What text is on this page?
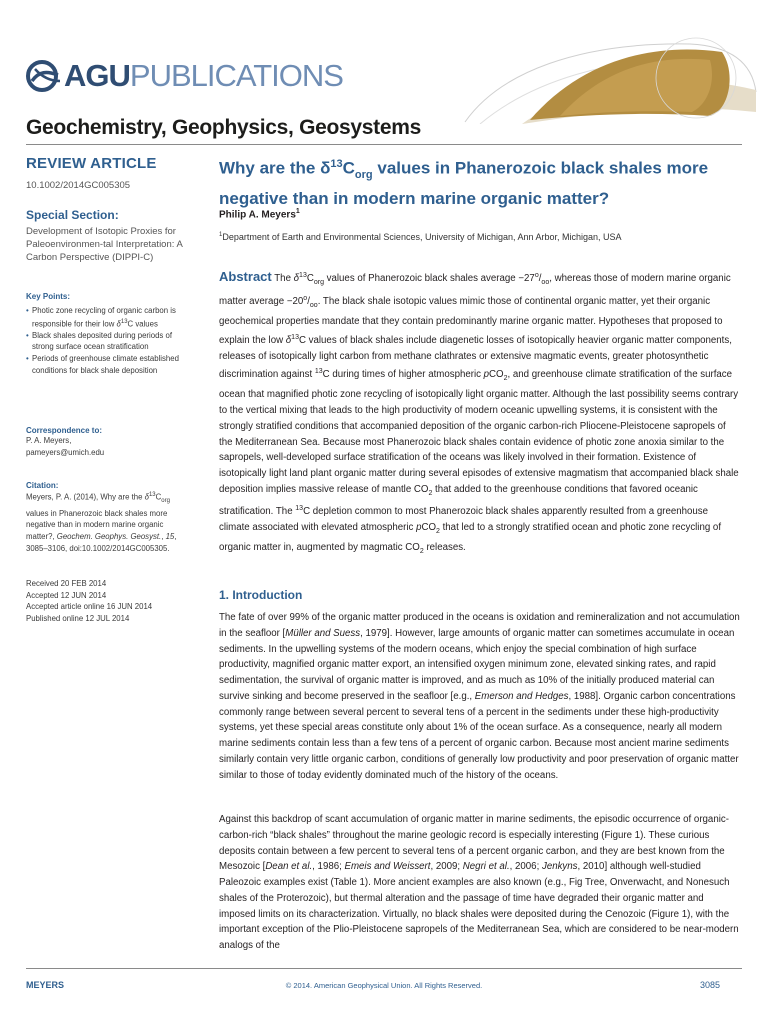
AGU PUBLICATIONS
Geochemistry, Geophysics, Geosystems
REVIEW ARTICLE
10.1002/2014GC005305
Special Section:
Development of Isotopic Proxies for Paleoenvironmen-tal Interpretation: A Carbon Perspective (DIPPI-C)
Key Points:
• Photic zone recycling of organic carbon is responsible for their low $\delta^{13}C$ values
• Black shales deposited during periods of strong surface ocean stratification
• Periods of greenhouse climate established conditions for black shale deposition
Correspondence to:
P. A. Meyers,
pameyers@umich.edu
Citation:
Meyers, P. A. (2014), Why are the $\delta^{13}C_{org}$ values in Phanerozoic black shales more negative than in modern marine organic matter?, Geochem. Geophys. Geosyst., 15, 3085–3106, doi:10.1002/2014GC005305.
Received 20 FEB 2014
Accepted 12 JUN 2014
Accepted article online 16 JUN 2014
Published online 12 JUL 2014
Why are the $\delta^{13}C_{org}$ values in Phanerozoic black shales more negative than in modern marine organic matter?
Philip A. Meyers$^1$
$^1$Department of Earth and Environmental Sciences, University of Michigan, Ann Arbor, Michigan, USA

Abstract The $\delta^{13}C_{org}$ values of Phanerozoic black shales average $-27^o/_{oo}$, whereas those of modern marine organic matter average $-20^o/_{oo}$. The black shale isotopic values mimic those of continental organic matter, yet their organic geochemical properties mandate that they contain predominantly marine organic matter. Hypotheses that proposed to explain the low $\delta^{13}C$ values of black shales include diagenetic losses of isotopically heavier organic matter components, releases of isotopically light carbon from methane clathrates or extensive magmatic events, greater photosynthetic discrimination against $^{13}$C during times of higher atmospheric pCO$_2$, and greenhouse climate stratification of the surface ocean that magnified photic zone recycling of isotopically light organic matter. Although the last possibility seems contrary to the vertical mixing that leads to the high productivity of modern oceanic upwelling systems, it is consistent with the strongly stratified conditions that accompanied deposition of the organic carbon-rich Pliocene-Pleistocene sapropels of the Mediterranean Sea. Because most Phanerozoic black shales contain evidence of photic zone anoxia similar to the sapropels, well-developed surface stratification of the oceans was likely involved in their formation. Existence of isotopically light land plant organic matter during several episodes of extensive magmatism that accompanied black shale deposition implies massive release of mantle $CO_2$ that added to the greenhouse conditions that favored oceanic stratification. The $^{13}$C depletion common to most Phanerozoic black shales apparently resulted from a greenhouse climate associated with elevated atmospheric pCO$_2$ that led to a strongly stratified ocean and photic zone recycling of organic matter in, augmented by magmatic $CO_2$ releases.

1. Introduction

The fate of over 99% of the organic matter produced in the oceans is oxidation and remineralization and not accumulation in the seafloor [Müller and Suess, 1979]. However, large amounts of organic matter can sometimes accumulate in ocean sediments. In the upwelling systems of the modern oceans, which enjoy the special combination of high surface productivity, magnified organic matter export, an intensified oxygen minimum zone, elevated sinking rates, and rapid sedimentation, the survival of organic matter is improved, and as much as 10% of the initially produced material can survive sinking and become preserved in the seafloor [e.g., Emerson and Hedges, 1988]. Organic carbon concentrations commonly range between several percent to several tens of a percent in the sediments under these high-productivity systems, yet these special areas constitute only about 1% of the ocean surface. As a consequence, nearly all modern marine sediments contain less than a few tens of a percent of organic carbon. Because most ancient marine sediments similarly contain very little organic carbon, conditions of generally low productivity and poor preservation of organic matter similar to those of today evidently dominated much of the history of the oceans.

Against this backdrop of scant accumulation of organic matter in marine sediments, the episodic occurrence of organic-carbon-rich “black shales” throughout the marine geologic record is especially interesting (Figure 1). These curious deposits contain between a few percent to several tens of a percent organic carbon, and they are best known from the Mesozoic [Dean et al., 1986; Emeis and Weissert, 2009; Negri et al., 2006; Jenkyns, 2010] although well-studied Paleozoic examples exist (Table 1). More ancient examples are also known (e.g., Fig Tree, Onverwacht, and Nonesuch shales of the Proterozoic), but thermal alteration and the passage of time have degraded their organic matter and imposed limits on its characterization. Virtually, no black shales were deposited during the Cenozoic (Figure 1), with the important exception of the Plio-Pleistocene sapropels of the Mediterranean Sea, which are considered to be near-modern analogs of the

MEYERS	© 2014. American Geophysical Union. All Rights Reserved.	3085
